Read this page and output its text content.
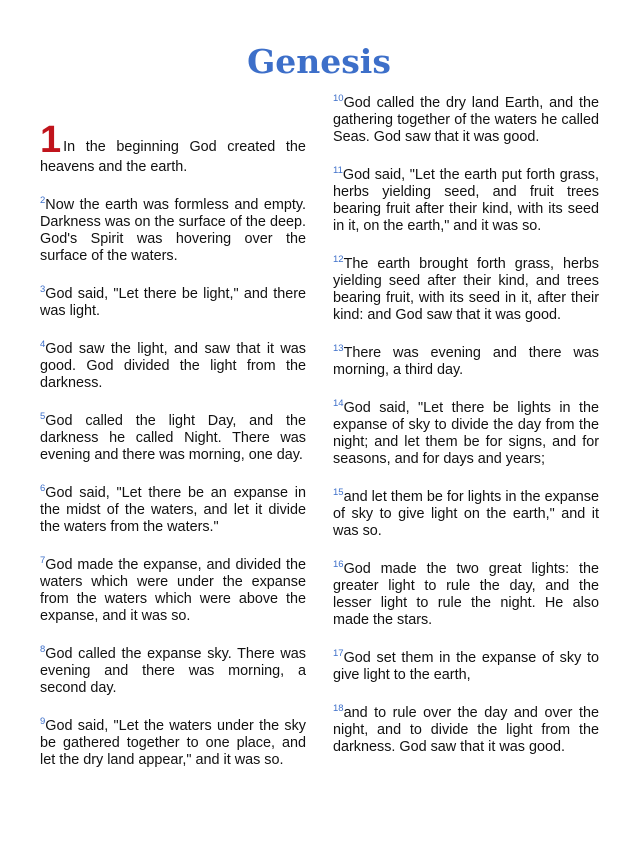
Genesis
1 In the beginning God created the
heavens and the earth.

$^2$Now the earth was formless and empty. Darkness was on the surface of the deep. God's Spirit was hovering over the surface of the waters.

$^3$God said, "Let there be light," and there was light.

$^4$God saw the light, and saw that it was good. God divided the light from the darkness.

$^5$God called the light Day, and the darkness he called Night. There was evening and there was morning, one day.

$^6$God said, "Let there be an expanse in the midst of the waters, and let it divide the waters from the waters."

$^7$God made the expanse, and divided the waters which were under the expanse from the waters which were above the expanse, and it was so.

$^8$God called the expanse sky. There was evening and there was morning, a second day.

$^9$God said, "Let the waters under the sky be gathered together to one place, and let the dry land appear," and it was so.

$^{10}$God called the dry land Earth, and the gathering together of the waters he called Seas. God saw that it was good.

$^{11}$God said, "Let the earth put forth grass, herbs yielding seed, and fruit trees bearing fruit after their kind, with its seed in it, on the earth," and it was so.

$^{12}$The earth brought forth grass, herbs yielding seed after their kind, and trees bearing fruit, with its seed in it, after their kind: and God saw that it was good.

$^{13}$There was evening and there was morning, a third day.

$^{14}$God said, "Let there be lights in the expanse of sky to divide the day from the night; and let them be for signs, and for seasons, and for days and years;

$^{15}$and let them be for lights in the expanse of sky to give light on the earth," and it was so.

$^{16}$God made the two great lights: the greater light to rule the day, and the lesser light to rule the night. He also made the stars.

$^{17}$God set them in the expanse of sky to give light to the earth,

$^{18}$and to rule over the day and over the night, and to divide the light from the darkness. God saw that it was good.
